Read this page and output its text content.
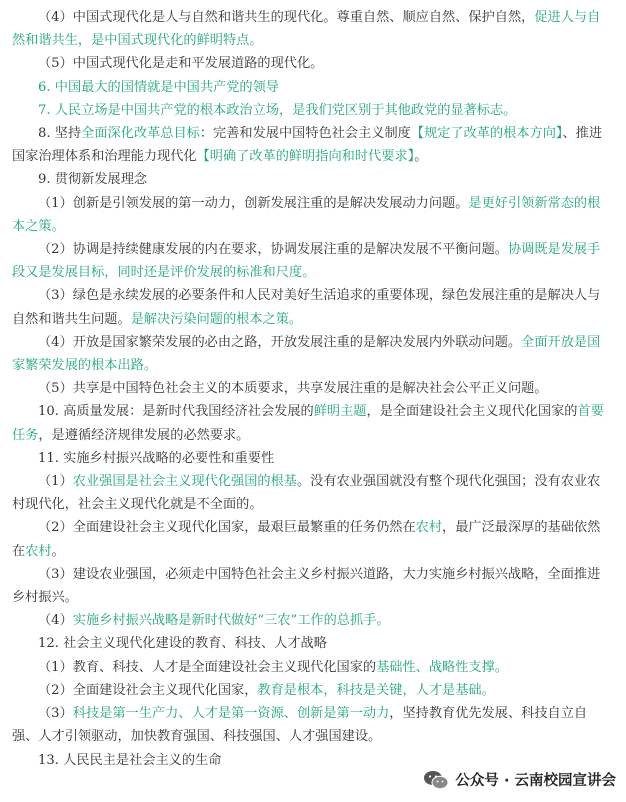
（4）中国式现代化是人与自然和谐共生的现代化。尊重自然、顺应自然、保护自然，促进人与自然和谐共生，是中国式现代化的鲜明特点。

（5）中国式现代化是走和平发展道路的现代化。

6. 中国最大的国情就是中国共产党的领导

7. 人民立场是中国共产党的根本政治立场，是我们党区别于其他政党的显著标志。

8. 坚持全面深化改革总目标：完善和发展中国特色社会主义制度【规定了改革的根本方向】、推进国家治理体系和治理能力现代化【明确了改革的鲜明指向和时代要求】。

9. 贯彻新发展理念

（1）创新是引领发展的第一动力，创新发展注重的是解决发展动力问题。是更好引领新常态的根本之策。

（2）协调是持续健康发展的内在要求，协调发展注重的是解决发展不平衡问题。协调既是发展手段又是发展目标，同时还是评价发展的标准和尺度。

（3）绿色是永续发展的必要条件和人民对美好生活追求的重要体现，绿色发展注重的是解决人与自然和谐共生问题。是解决污染问题的根本之策。

（4）开放是国家繁荣发展的必由之路，开放发展注重的是解决发展内外联动问题。全面开放是国家繁荣发展的根本出路。

（5）共享是中国特色社会主义的本质要求，共享发展注重的是解决社会公平正义问题。

10. 高质量发展：是新时代我国经济社会发展的鲜明主题，是全面建设社会主义现代化国家的首要任务，是遵循经济规律发展的必然要求。

11. 实施乡村振兴战略的必要性和重要性

（1）农业强国是社会主义现代化强国的根基。没有农业强国就没有整个现代化强国；没有农业农村现代化，社会主义现代化就是不全面的。

（2）全面建设社会主义现代化国家，最艰巨最繁重的任务仍然在农村，最广泛最深厚的基础依然在农村。

（3）建设农业强国，必须走中国特色社会主义乡村振兴道路，大力实施乡村振兴战略，全面推进乡村振兴。

（4）实施乡村振兴战略是新时代做好“三农”工作的总抓手。

12. 社会主义现代化建设的教育、科技、人才战略

（1）教育、科技、人才是全面建设社会主义现代化国家的基础性、战略性支撑。

（2）全面建设社会主义现代化国家，教育是根本，科技是关键，人才是基础。

（3）科技是第一生产力、人才是第一资源、创新是第一动力，坚持教育优先发展、科技自立自强、人才引领驱动，加快教育强国、科技强国、人才强国建设。

13. 人民民主是社会主义的生命

公众号 · 云南校园宣讲会
